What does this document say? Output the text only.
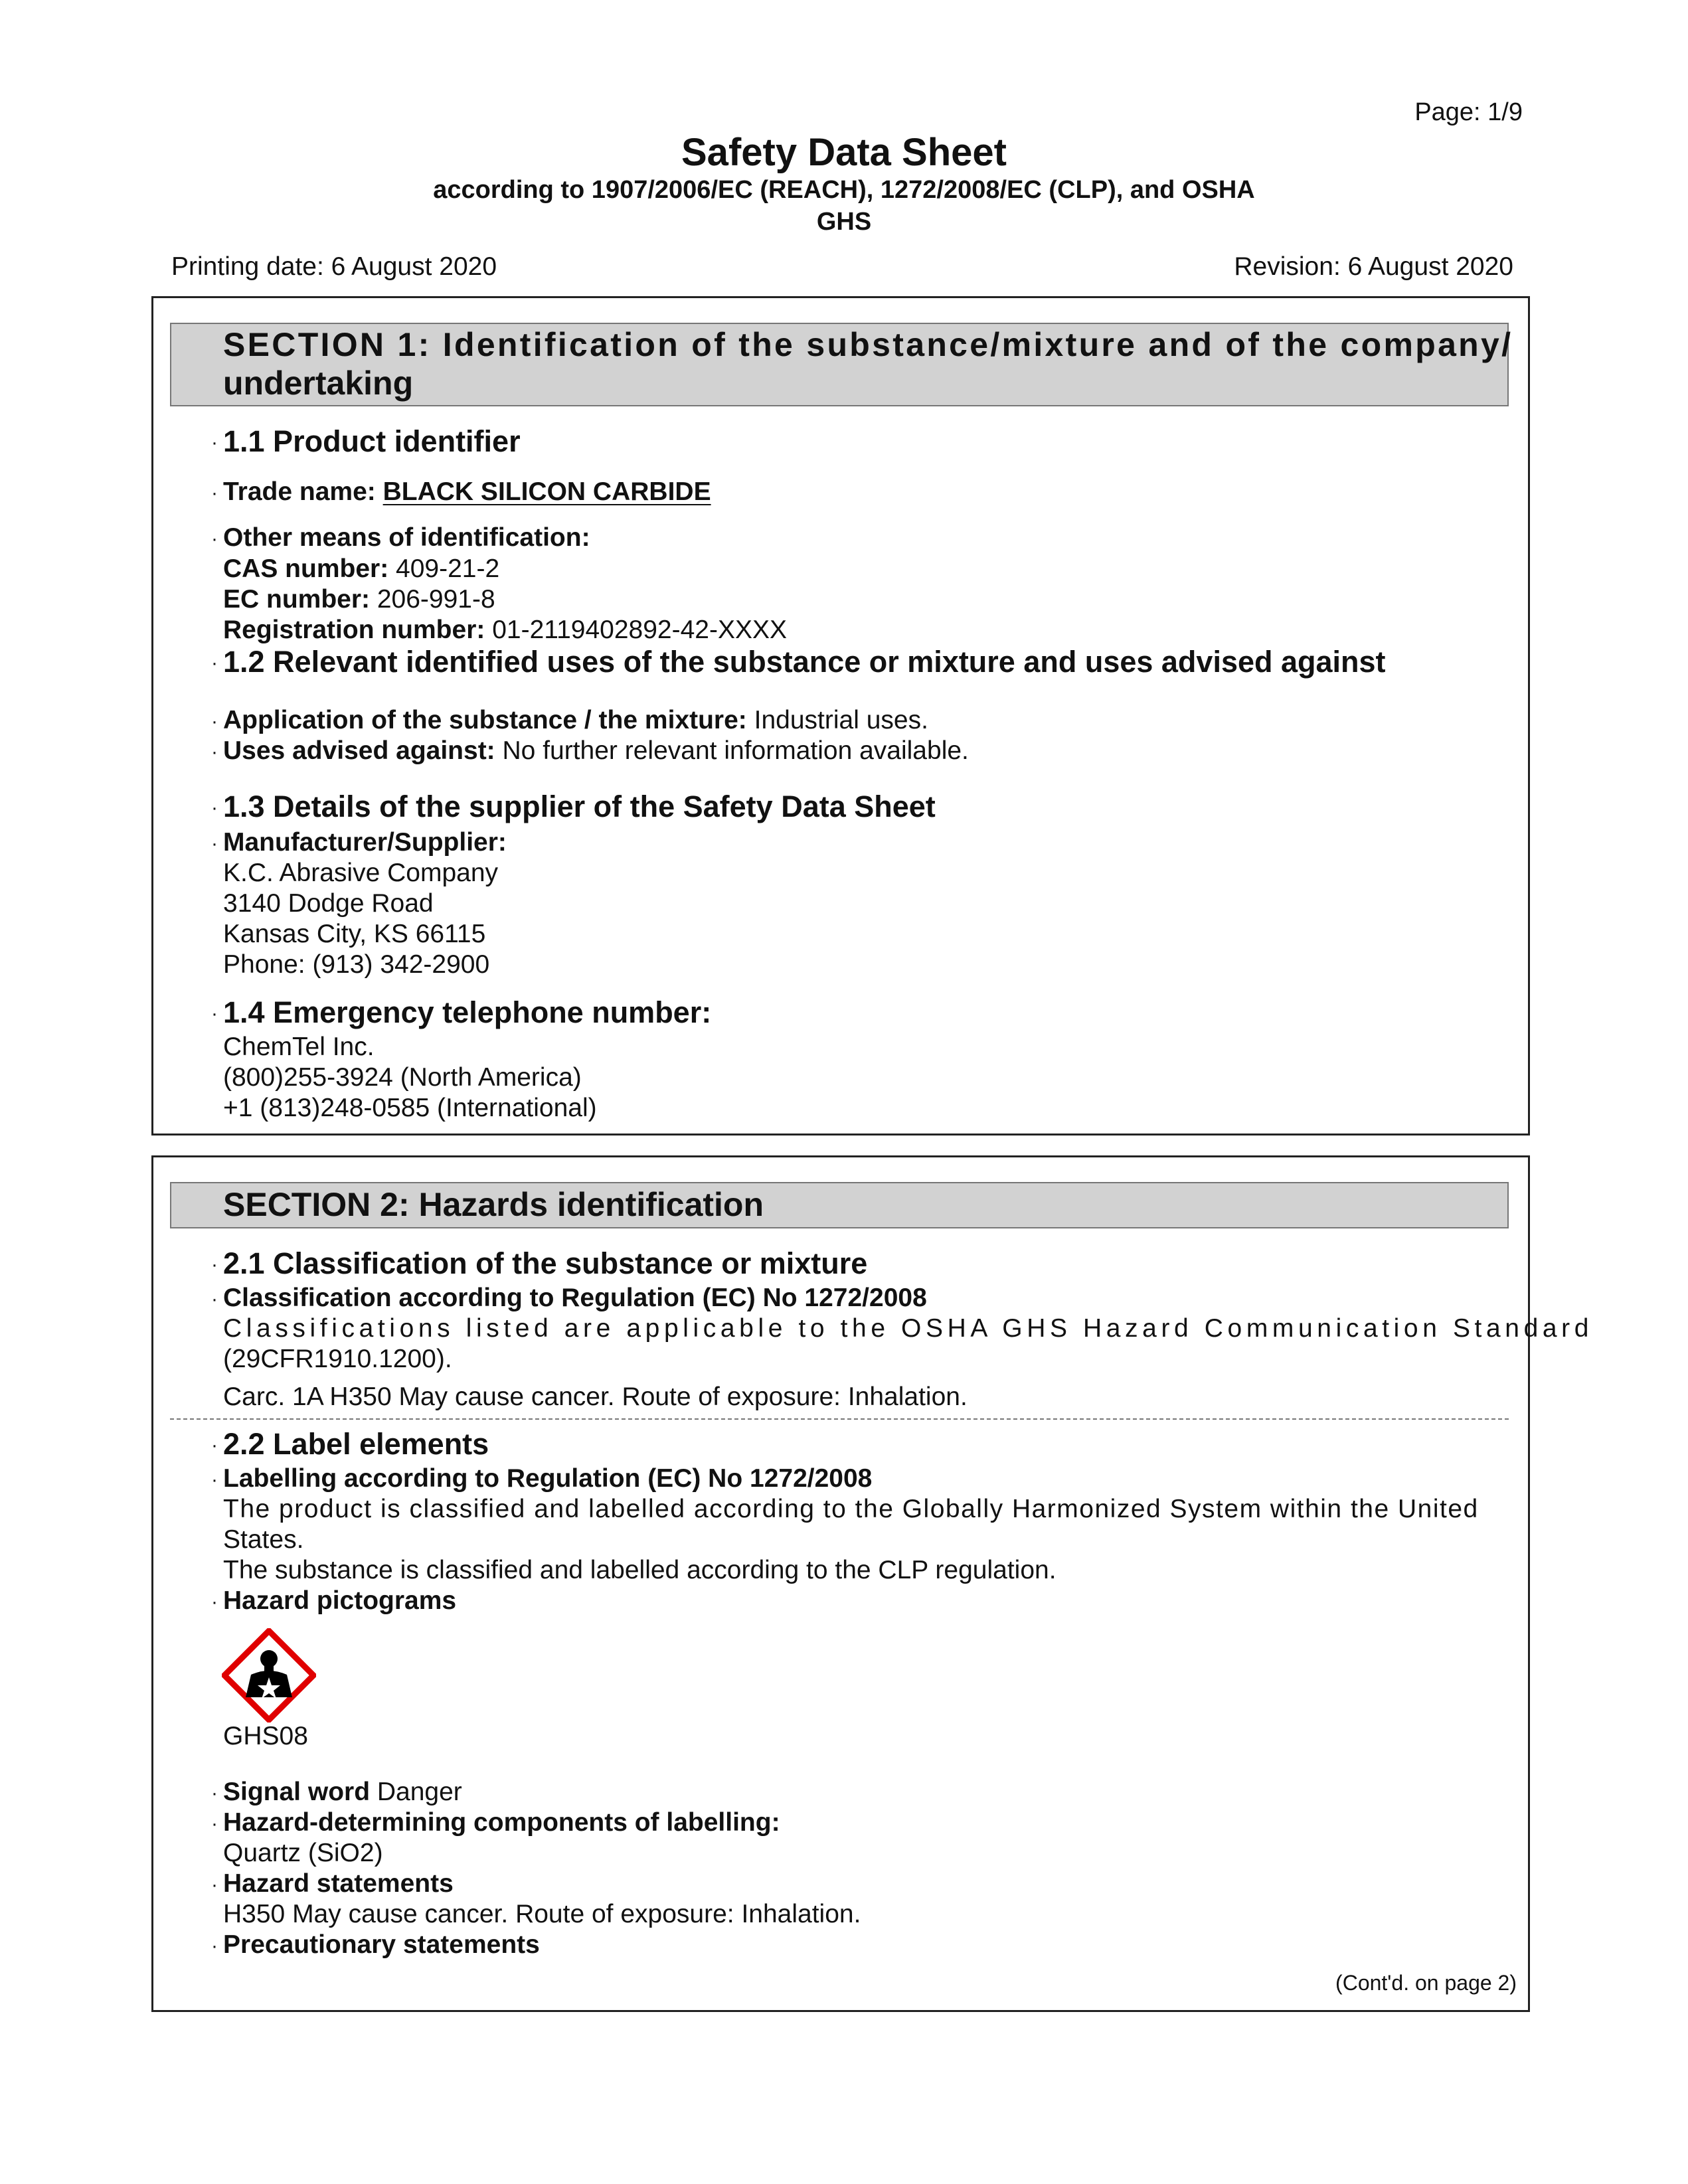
Page: 1/9
Safety Data Sheet
according to 1907/2006/EC (REACH), 1272/2008/EC (CLP), and OSHA
GHS
Printing date: 6 August 2020	Revision: 6 August 2020
SECTION 1: Identification of the substance/mixture and of the company/
undertaking
· 1.1 Product identifier
· Trade name: BLACK SILICON CARBIDE
· Other means of identification:
CAS number: 409-21-2
EC number: 206-991-8
Registration number: 01-2119402892-42-XXXX
· 1.2 Relevant identified uses of the substance or mixture and uses advised against
· Application of the substance / the mixture: Industrial uses.
· Uses advised against: No further relevant information available.
· 1.3 Details of the supplier of the Safety Data Sheet
· Manufacturer/Supplier:
K.C. Abrasive Company
3140 Dodge Road
Kansas City, KS 66115
Phone: (913) 342-2900
· 1.4 Emergency telephone number:
ChemTel Inc.
(800)255-3924 (North America)
+1 (813)248-0585 (International)
SECTION 2: Hazards identification
· 2.1 Classification of the substance or mixture
· Classification according to Regulation (EC) No 1272/2008
Classifications listed are applicable to the OSHA GHS Hazard Communication Standard
(29CFR1910.1200).
Carc. 1A H350 May cause cancer. Route of exposure: Inhalation.
· 2.2 Label elements
· Labelling according to Regulation (EC) No 1272/2008
The product is classified and labelled according to the Globally Harmonized System within the United
States.
The substance is classified and labelled according to the CLP regulation.
· Hazard pictograms
GHS08
· Signal word Danger
· Hazard-determining components of labelling:
Quartz (SiO2)
· Hazard statements
H350 May cause cancer. Route of exposure: Inhalation.
· Precautionary statements
(Cont'd. on page 2)
